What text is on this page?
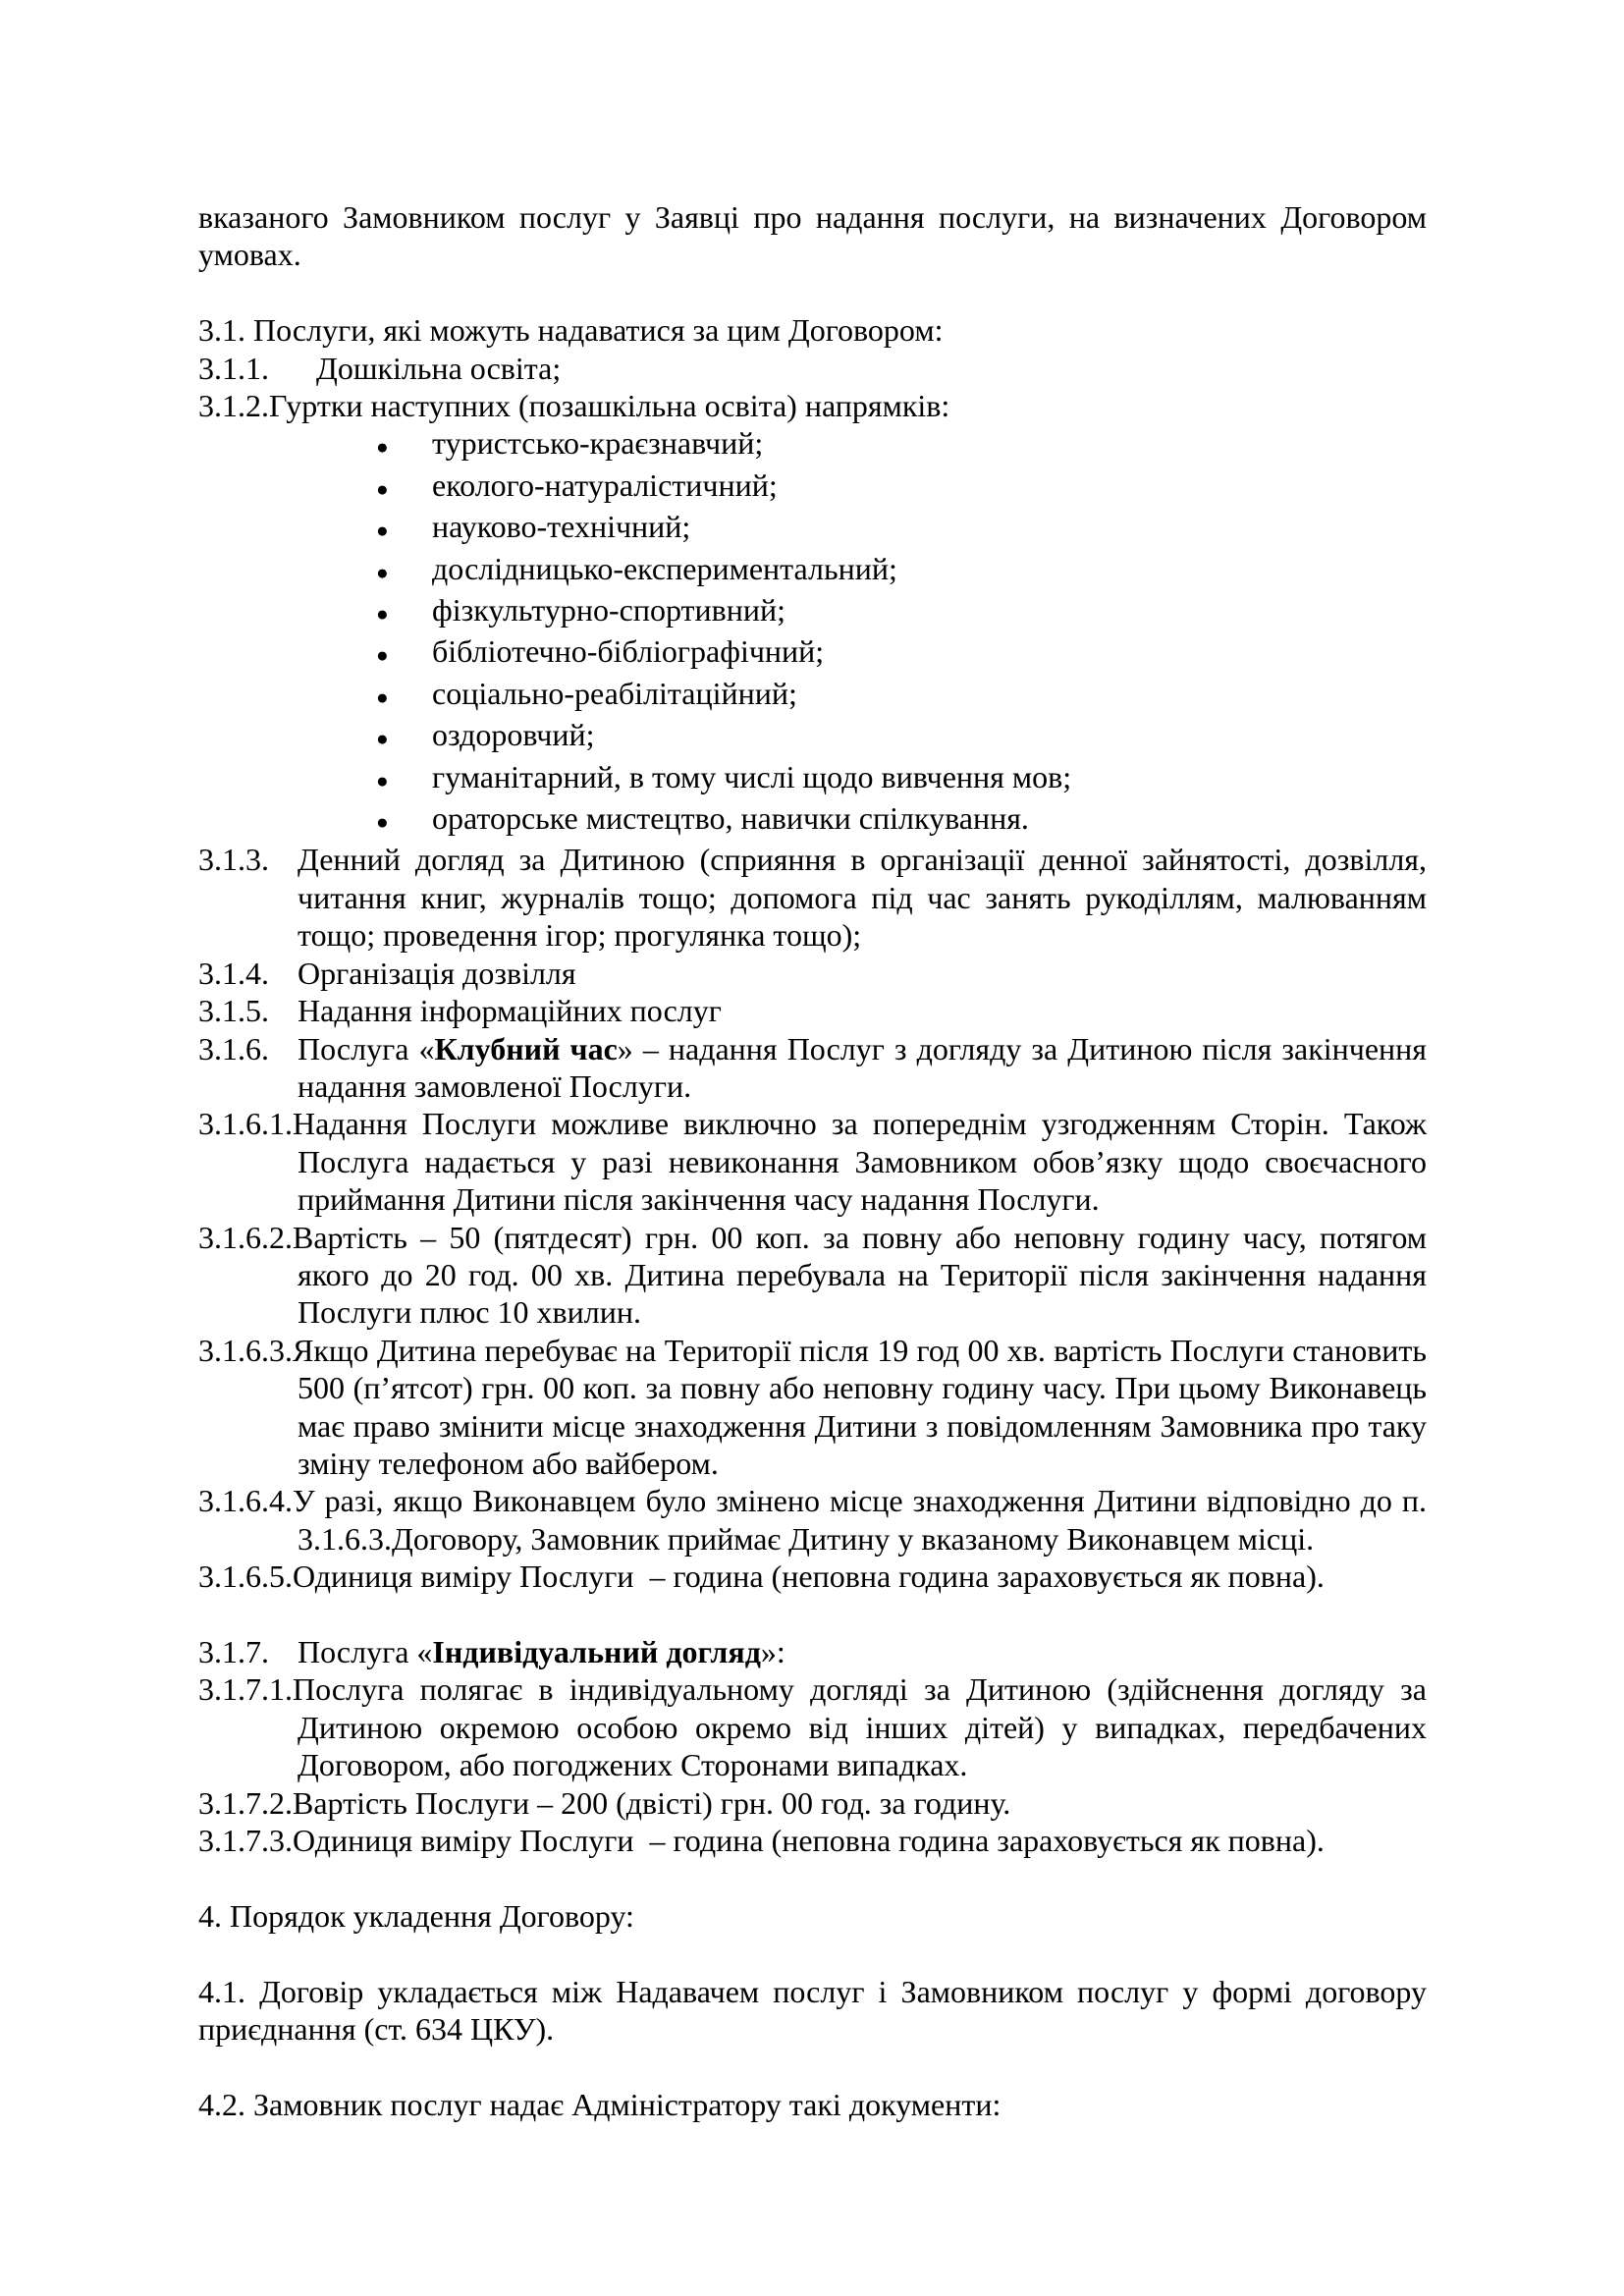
вказаного Замовником послуг у Заявці про надання послуги, на визначених Договором умовах.

3.1. Послуги, які можуть надаватися за цим Договором:

3.1.1. Дошкільна освіта;

3.1.2.Гуртки наступних (позашкільна освіта) напрямків:

● туристсько-краєзнавчий;
● еколого-натуралістичний;
● науково-технічний;
● дослідницько-експериментальний;
● фізкультурно-спортивний;
● бібліотечно-бібліографічний;
● соціально-реабілітаційний;
● оздоровчий;
● гуманітарний, в тому числі щодо вивчення мов;
● ораторське мистецтво, навички спілкування.

3.1.3. Денний догляд за Дитиною (сприяння в організації денної зайнятості, дозвілля, читання книг, журналів тощо; допомога під час занять рукоділлям, малюванням тощо; проведення ігор; прогулянка тощо);

3.1.4. Організація дозвілля

3.1.5. Надання інформаційних послуг

3.1.6. Послуга «Клубний час» – надання Послуг з догляду за Дитиною після закінчення надання замовленої Послуги.

3.1.6.1.Надання Послуги можливе виключно за попереднім узгодженням Сторін. Також Послуга надається у разі невиконання Замовником обов’язку щодо своєчасного приймання Дитини після закінчення часу надання Послуги.

3.1.6.2.Вартість – 50 (пятдесят) грн. 00 коп. за повну або неповну годину часу, потягом якого до 20 год. 00 хв. Дитина перебувала на Території після закінчення надання Послуги плюс 10 хвилин.

3.1.6.3.Якщо Дитина перебуває на Території після 19 год 00 хв. вартість Послуги становить 500 (п’ятсот) грн. 00 коп. за повну або неповну годину часу. При цьому Виконавець має право змінити місце знаходження Дитини з повідомленням Замовника про таку зміну телефоном або вайбером.

3.1.6.4.У разі, якщо Виконавцем було змінено місце знаходження Дитини відповідно до п. 3.1.6.3.Договору, Замовник приймає Дитину у вказаному Виконавцем місці.

3.1.6.5.Одиниця виміру Послуги  – година (неповна година зараховується як повна).

3.1.7. Послуга «Індивідуальний догляд»:

3.1.7.1.Послуга полягає в індивідуальному догляді за Дитиною (здійснення догляду за Дитиною окремою особою окремо від інших дітей) у випадках, передбачених Договором, або погоджених Сторонами випадках.

3.1.7.2.Вартість Послуги – 200 (двісті) грн. 00 год. за годину.

3.1.7.3.Одиниця виміру Послуги  – година (неповна година зараховується як повна).

4. Порядок укладення Договору:

4.1. Договір укладається між Надавачем послуг і Замовником послуг у формі договору приєднання (ст. 634 ЦКУ).

4.2. Замовник послуг надає Адміністратору такі документи:
